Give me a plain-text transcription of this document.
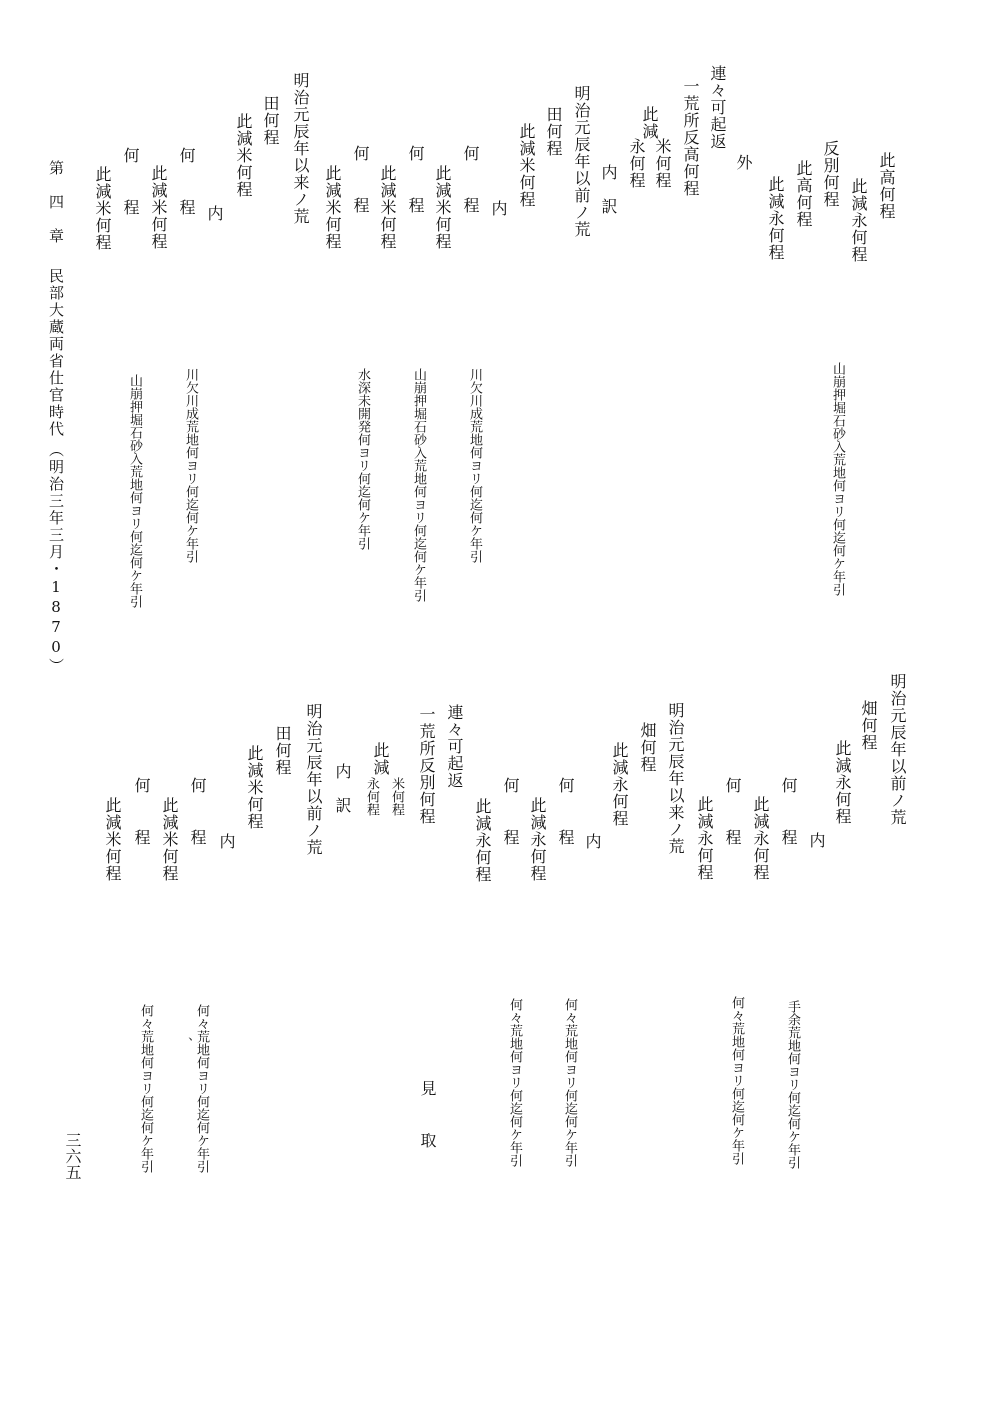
第　四　章
民部大蔵両省仕官時代
（明治三年三月・1870）
三六五
此高何程
此減永何程
反別何程
此高何程
此減永何程
山崩押堀石砂入荒地何ヨリ何迄何ケ年引
外
連々可起返
一荒所反高何程
此減
米何程
永何程
内　訳
明治元辰年以前ノ荒
田何程
此減米何程
内
何　程
此減米何程
川欠川成荒地何ヨリ何迄何ケ年引
何　程
此減米何程
山崩押堀石砂入荒地何ヨリ何迄何ケ年引
何　程
此減米何程
水深未開発何ヨリ何迄何ケ年引
明治元辰年以来ノ荒
田何程
此減米何程
内
何　程
此減米何程
川欠川成荒地何ヨリ何迄何ケ年引
何　程
此減米何程
山崩押堀石砂入荒地何ヨリ何迄何ケ年引
明治元辰年以前ノ荒
畑何程
此減永何程
内
何　程
此減永何程
手余荒地何ヨリ何迄何ケ年引
何　程
此減永何程
何々荒地何ヨリ何迄何ケ年引
明治元辰年以来ノ荒
畑何程
此減永何程
内
何　程
此減永何程
何々荒地何ヨリ何迄何ケ年引
何　程
此減永何程
何々荒地何ヨリ何迄何ケ年引
見　取
連々可起返
一荒所反別何程
此減
米何程
永何程
内　訳
明治元辰年以前ノ荒
田何程
此減米何程
内
何　程
此減米何程
何々荒地何ヨリ何迄何ケ年引
、
何　程
此減米何程
何々荒地何ヨリ何迄何ケ年引
